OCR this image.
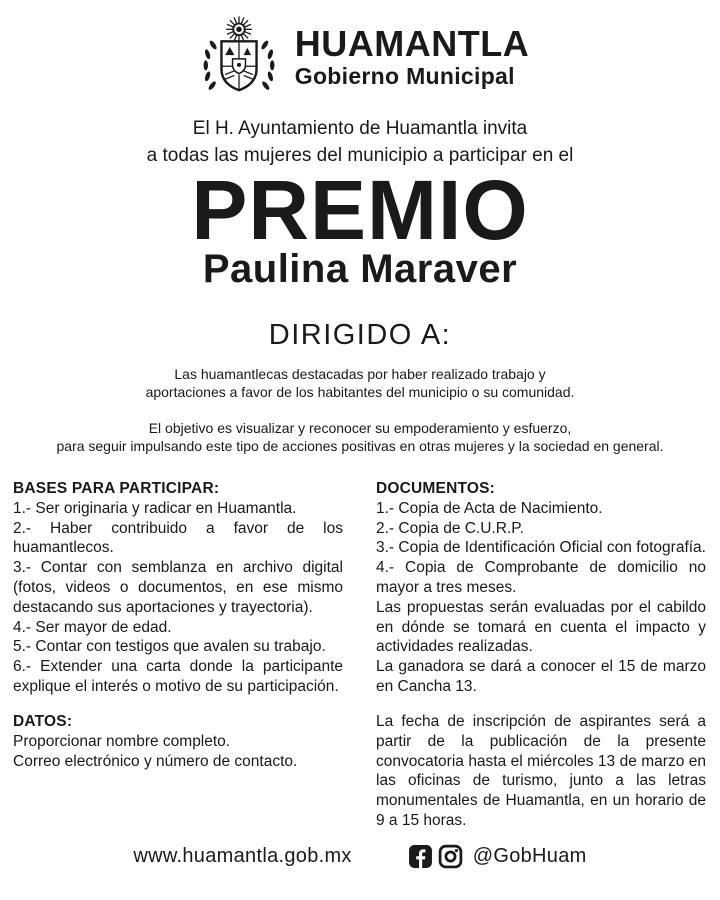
HUAMANTLA
Gobierno Municipal
El H. Ayuntamiento de Huamantla invita
a todas las mujeres del municipio a participar en el
PREMIO
Paulina Maraver
DIRIGIDO A:
Las huamantlecas destacadas por haber realizado trabajo y
aportaciones a favor de los habitantes del municipio o su comunidad.
El objetivo es visualizar y reconocer su empoderamiento y esfuerzo,
para seguir impulsando este tipo de acciones positivas en otras mujeres y la sociedad en general.
BASES PARA PARTICIPAR:

1.- Ser originaria y radicar en Huamantla.

2.- Haber contribuido a favor de los huamantlecos.

3.- Contar con semblanza en archivo digital (fotos, videos o documentos, en ese mismo destacando sus aportaciones y trayectoria).

4.- Ser mayor de edad.

5.- Contar con testigos que avalen su trabajo.

6.- Extender una carta donde la participante explique el interés o motivo de su participación.

DATOS:

Proporcionar nombre completo.

Correo electrónico y número de contacto.

DOCUMENTOS:

1.- Copia de Acta de Nacimiento.

2.- Copia de C.U.R.P.

3.- Copia de Identificación Oficial con fotografía.

4.- Copia de Comprobante de domicilio no mayor a tres meses.

Las propuestas serán evaluadas por el cabildo en dónde se tomará en cuenta el impacto y actividades realizadas.

La ganadora se dará a conocer el 15 de marzo en Cancha 13.

La fecha de inscripción de aspirantes será a partir de la publicación de la presente convocatoria hasta el miércoles 13 de marzo en las oficinas de turismo, junto a las letras monumentales de Huamantla, en un horario de 9 a 15 horas.

www.huamantla.gob.mx	@GobHuam
